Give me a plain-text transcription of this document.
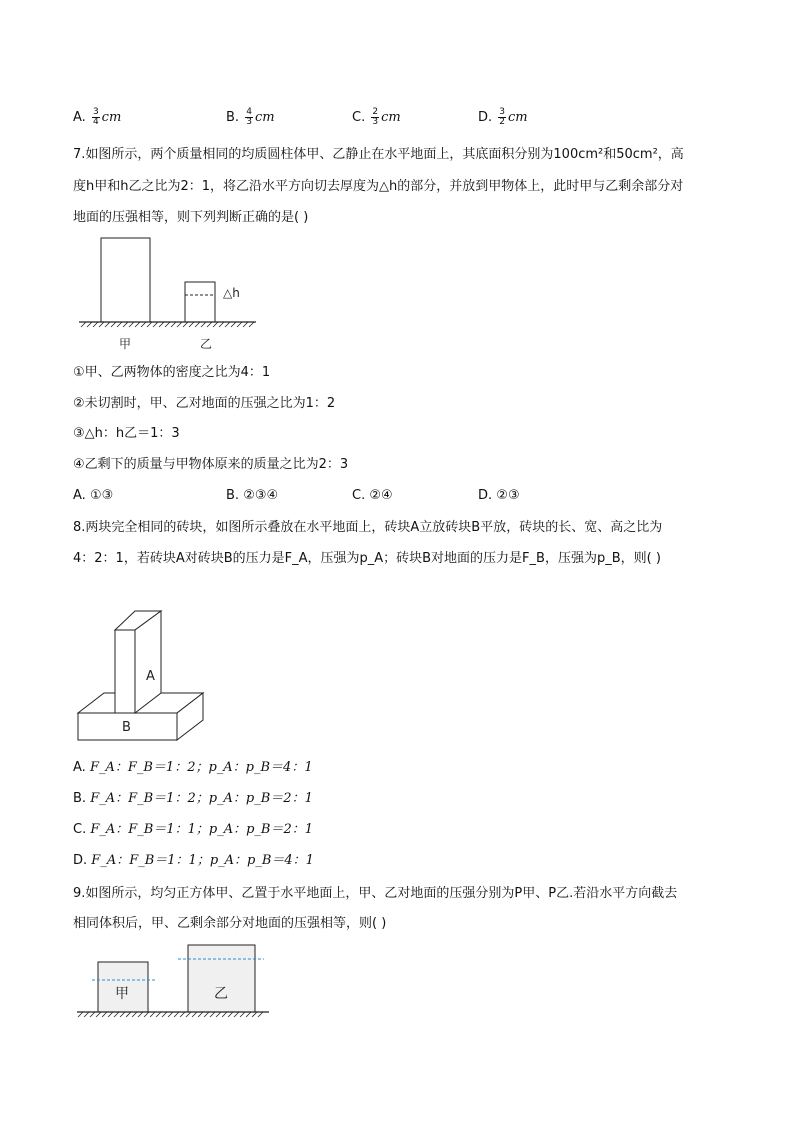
A. $\frac{3}{4}$ cm	B. $\frac{4}{3}$ cm	C. $\frac{2}{3}$ cm	D. $\frac{3}{2}$ cm
7.如图所示，两个质量相同的均质圆柱体甲、乙静止在水平地面上，其底面积分别为100cm²和50cm²，高
度h甲和h乙之比为2：1，将乙沿水平方向切去厚度为△h的部分，并放到甲物体上，此时甲与乙剩余部分对
地面的压强相等，则下列判断正确的是( )
△h
甲	乙
①甲、乙两物体的密度之比为4：1
②未切割时，甲、乙对地面的压强之比为1：2
③△h：h乙＝1：3
④乙剩下的质量与甲物体原来的质量之比为2：3
A. ①③	B. ②③④	C. ②④	D. ②③
8.两块完全相同的砖块，如图所示叠放在水平地面上，砖块A立放砖块B平放，砖块的长、宽、高之比为
4：2：1，若砖块A对砖块B的压力是F_A，压强为p_A；砖块B对地面的压力是F_B，压强为p_B，则( )
A
B
A. F_A：F_B＝1：2；p_A：p_B＝4：1
B. F_A：F_B＝1：2；p_A：p_B＝2：1
C. F_A：F_B＝1：1；p_A：p_B＝2：1
D. F_A：F_B＝1：1；p_A：p_B＝4：1
9.如图所示，均匀正方体甲、乙置于水平地面上，甲、乙对地面的压强分别为P甲、P乙.若沿水平方向截去
相同体积后，甲、乙剩余部分对地面的压强相等，则( )
甲	乙
